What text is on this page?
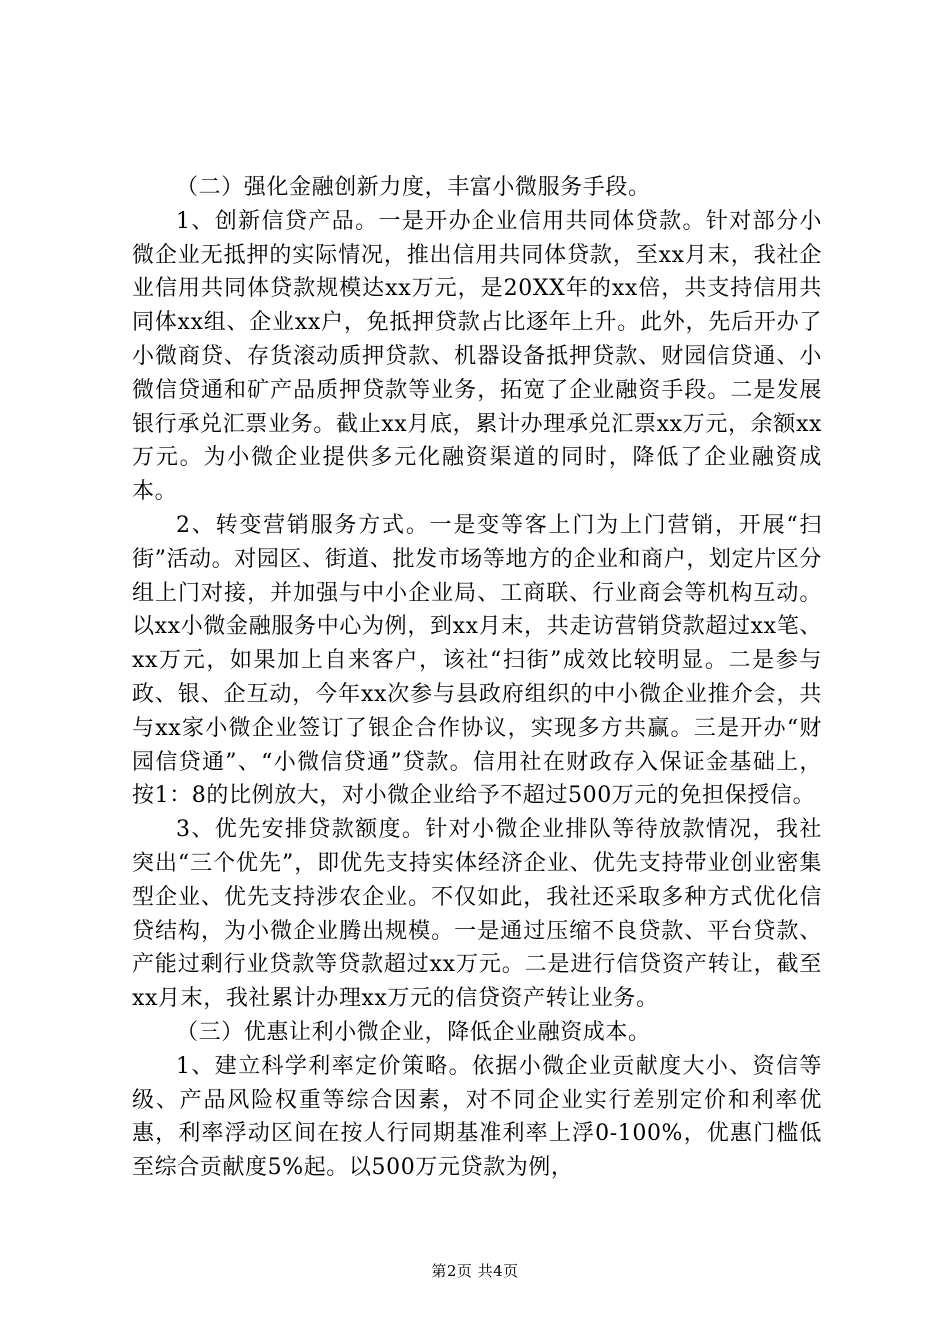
（二）强化金融创新力度，丰富小微服务手段。

1、创新信贷产品。一是开办企业信用共同体贷款。针对部分小微企业无抵押的实际情况，推出信用共同体贷款，至xx月末，我社企业信用共同体贷款规模达xx万元，是20XX年的xx倍，共支持信用共同体xx组、企业xx户，免抵押贷款占比逐年上升。此外，先后开办了小微商贷、存货滚动质押贷款、机器设备抵押贷款、财园信贷通、小微信贷通和矿产品质押贷款等业务，拓宽了企业融资手段。二是发展银行承兑汇票业务。截止xx月底，累计办理承兑汇票xx万元，余额xx万元。为小微企业提供多元化融资渠道的同时，降低了企业融资成本。

2、转变营销服务方式。一是变等客上门为上门营销，开展“扫街”活动。对园区、街道、批发市场等地方的企业和商户，划定片区分组上门对接，并加强与中小企业局、工商联、行业商会等机构互动。以xx小微金融服务中心为例，到xx月末，共走访营销贷款超过xx笔、xx万元，如果加上自来客户，该社“扫街”成效比较明显。二是参与政、银、企互动，今年xx次参与县政府组织的中小微企业推介会，共与xx家小微企业签订了银企合作协议，实现多方共赢。三是开办“财园信贷通”、“小微信贷通”贷款。信用社在财政存入保证金基础上，按1：8的比例放大，对小微企业给予不超过500万元的免担保授信。

3、优先安排贷款额度。针对小微企业排队等待放款情况，我社突出“三个优先”，即优先支持实体经济企业、优先支持带业创业密集型企业、优先支持涉农企业。不仅如此，我社还采取多种方式优化信贷结构，为小微企业腾出规模。一是通过压缩不良贷款、平台贷款、产能过剩行业贷款等贷款超过xx万元。二是进行信贷资产转让，截至xx月末，我社累计办理xx万元的信贷资产转让业务。

（三）优惠让利小微企业，降低企业融资成本。

1、建立科学利率定价策略。依据小微企业贡献度大小、资信等级、产品风险权重等综合因素，对不同企业实行差别定价和利率优惠，利率浮动区间在按人行同期基准利率上浮0-100%，优惠门槛低至综合贡献度5%起。以500万元贷款为例，

第2页 共4页
